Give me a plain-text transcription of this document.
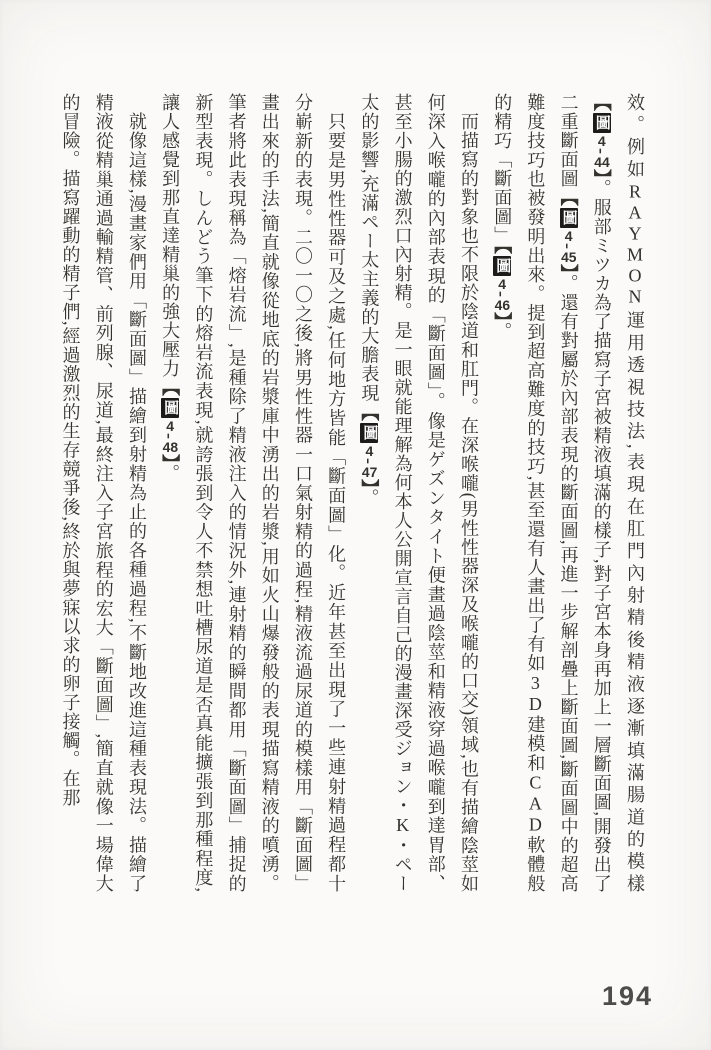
效。例如RAYMON運用透視技法,表現在肛門內射精後精液逐漸填滿腸道的模樣【圖4-44】。服部ミツカ為了描寫子宮被精液填滿的樣子,對子宮本身再加上一層斷面圖,開發出了二重斷面圖【圖4-45】。還有對屬於內部表現的斷面圖,再進一步解剖疊上斷面圖,斷面圖中的超高難度技巧也被發明出來。提到超高難度的技巧,甚至還有人畫出了有如3D建模和CAD軟體般的精巧「斷面圖」【圖4-46】。

而描寫的對象也不限於陰道和肛門。在深喉嚨(男性性器深及喉嚨的口交)領域,也有描繪陰莖如何深入喉嚨的內部表現的「斷面圖」。像是ゲズンタイト便畫過陰莖和精液穿過喉嚨到達胃部、甚至小腸的激烈口內射精。是一眼就能理解為何本人公開宣言自己的漫畫深受ジョン・K・ペー太的影響,充滿ペー太主義的大膽表現【圖4-47】。

只要是男性性器可及之處,任何地方皆能「斷面圖」化。近年甚至出現了一些連射精過程都十分嶄新的表現。二〇一〇之後,將男性性器一口氣射精的過程,精液流過尿道的模樣用「斷面圖」畫出來的手法,簡直就像從地底的岩漿庫中湧出的岩漿,用如火山爆發般的表現描寫精液的噴湧。筆者將此表現稱為「熔岩流」,是種除了精液注入的情況外,連射精的瞬間都用「斷面圖」捕捉的新型表現。しんどう筆下的熔岩流表現,就誇張到令人不禁想吐槽尿道是否真能擴張到那種程度,讓人感覺到那直達精巢的強大壓力【圖4-48】。

就像這樣,漫畫家們用「斷面圖」描繪到射精為止的各種過程,不斷地改進這種表現法。描繪了精液從精巢通過輸精管、前列腺、尿道,最終注入子宮旅程的宏大「斷面圖」,簡直就像一場偉大的冒險。描寫躍動的精子們,經過激烈的生存競爭後,終於與夢寐以求的卵子接觸。在那

194
